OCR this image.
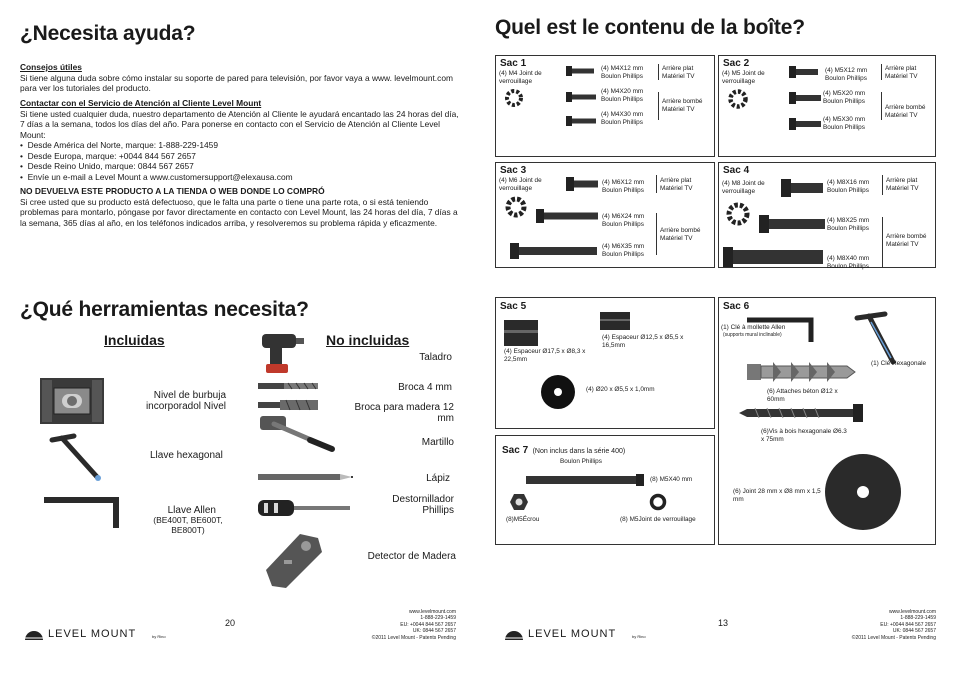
¿Necesita ayuda?
Consejos útiles
Si tiene alguna duda sobre cómo instalar su soporte de pared para televisión, por favor vaya a www. levelmount.com para ver los tutoriales del producto.
Contactar con el Servicio de Atención al Cliente Level Mount
Si tiene usted cualquier duda, nuestro departamento de Atención al Cliente le ayudará encantado las 24 horas del día, 7 días a la semana, todos los días del año. Para ponerse en contacto con el Servicio de Atención al Cliente Level Mount:
•  Desde América del Norte, marque: 1-888-229-1459
•  Desde Europa, marque: +0044 844 567 2657
•  Desde Reino Unido, marque: 0844 567 2657
•  Envíe un e-mail a Level Mount a www.customersupport@elexausa.com
NO DEVUELVA ESTE PRODUCTO A LA TIENDA O WEB DONDE LO COMPRÓ
Si cree usted que su producto está defectuoso, que le falta una parte o tiene una parte rota, o si está teniendo problemas para montarlo, póngase por favor directamente en contacto con Level Mount, las 24 horas del día, 7 días a la semana, 365 días al año, en los teléfonos indicados arriba, y resolveremos su problema rápida y eficazmente.
¿Qué herramientas necesita?
Incluidas	No incluidas
Nivel de burbuja incorporadol Nivel
Llave hexagonal
Llave Allen
(BE400T, BE600T, BE800T)
Taladro
Broca 4 mm
Broca para madera 12 mm
Martillo
Lápiz
Destornillador Phillips
Detector de Madera
20
LEVEL MOUNT	by Rino
www.levelmount.com
1-888-229-1459
EU: +0044 844 567 2657
UK: 0844 567 2657
©2011 Level Mount - Patents Pending
Quel est le contenu de la boîte?
Sac 1
(4) M4 Joint de verrouillage
(4) M4X12 mm Boulon Phillips
(4) M4X20 mm Boulon Phillips
(4) M4X30 mm Boulon Phillips
Arrière plat Matériel TV
Arrière bombé Matériel TV
Sac 2
(4) M5 Joint de verrouillage
(4) M5X12 mm Boulon Phillips
(4) M5X20 mm Boulon Phillips
(4) M5X30 mm Boulon Phillips
Arrière plat Matériel TV
Arrière bombé Matériel TV
Sac 3
(4) M6 Joint de verrouillage
(4) M6X12 mm Boulon Phillips
(4) M6X24 mm Boulon Phillips
(4) M6X35 mm Boulon Phillips
Arrière plat Matériel TV
Arrière bombé Matériel TV
Sac 4
(4) M8 Joint de verrouillage
(4) M8X16 mm Boulon Phillips
(4) M8X25 mm Boulon Phillips
(4) M8X40 mm Boulon Phillips
Arrière plat Matériel TV
Arrière bombé Matériel TV
Sac 5
(4) Espaceur Ø17,5 x Ø8,3 x 22,5mm
(4) Espaceur Ø12,5 x Ø5,5 x 16,5mm
(4) Ø20 x Ø5,5 x 1,0mm
Sac 7 (Non inclus dans la série 400)
Boulon Phillips
(8) M5X40 mm
(8)M5Écrou	(8) M5Joint de verrouillage
Sac 6
(1) Clé à mollette Allen
(supports mural inclinable)
(1) Clé Hexagonale
(6) Attaches béton Ø12 x 60mm
(6)Vis à bois hexagonale Ø6.3 x 75mm
(6) Joint 28 mm x Ø8 mm x 1,5 mm
13
LEVEL MOUNT	by Rino
www.levelmount.com
1-888-229-1459
EU: +0044 844 567 2657
UK: 0844 567 2657
©2011 Level Mount - Patents Pending
